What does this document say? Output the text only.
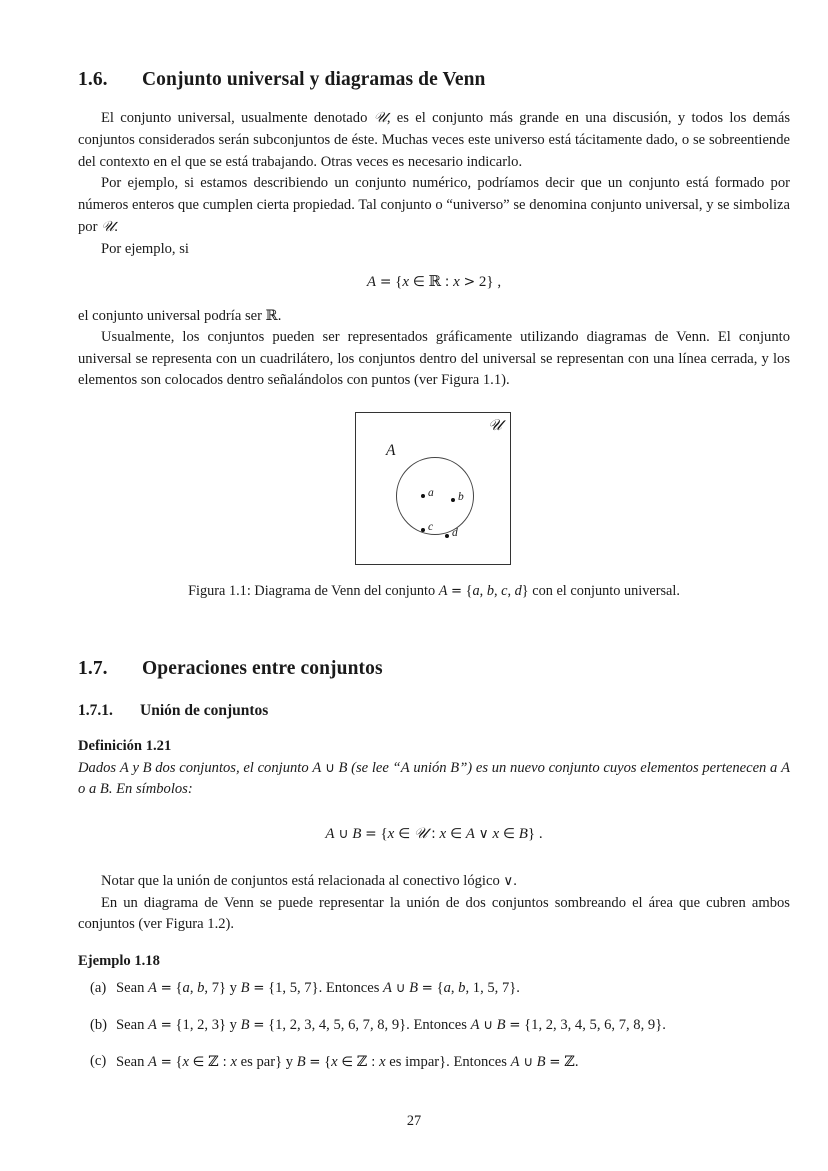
1.6. Conjunto universal y diagramas de Venn

El conjunto universal, usualmente denotado 𝒰, es el conjunto más grande en una discusión, y todos los demás conjuntos considerados serán subconjuntos de éste. Muchas veces este universo está tácitamente dado, o se sobreentiende del contexto en el que se está trabajando. Otras veces es necesario indicarlo.

Por ejemplo, si estamos describiendo un conjunto numérico, podríamos decir que un conjunto está formado por números enteros que cumplen cierta propiedad. Tal conjunto o “universo” se denomina conjunto universal, y se simboliza por 𝒰.

Por ejemplo, si

A = {x ∈ ℝ : x > 2} ,

el conjunto universal podría ser ℝ.

Usualmente, los conjuntos pueden ser representados gráficamente utilizando diagramas de Venn. El conjunto universal se representa con un cuadrilátero, los conjuntos dentro del universal se representan con una línea cerrada, y los elementos son colocados dentro señalándolos con puntos (ver Figura 1.1).

𝒰
A
a b
c d

Figura 1.1: Diagrama de Venn del conjunto A = {a, b, c, d} con el conjunto universal.

1.7. Operaciones entre conjuntos
1.7.1. Unión de conjuntos
Definición 1.21

Dados A y B dos conjuntos, el conjunto A ∪ B (se lee “A unión B”) es un nuevo conjunto cuyos elementos pertenecen a A o a B. En símbolos:

A ∪ B = {x ∈ 𝒰 : x ∈ A ∨ x ∈ B} .

Notar que la unión de conjuntos está relacionada al conectivo lógico ∨.

En un diagrama de Venn se puede representar la unión de dos conjuntos sombreando el área que cubren ambos conjuntos (ver Figura 1.2).

Ejemplo 1.18
(a) Sean A = {a, b, 7} y B = {1, 5, 7}. Entonces A ∪ B = {a, b, 1, 5, 7}.
(b) Sean A = {1, 2, 3} y B = {1, 2, 3, 4, 5, 6, 7, 8, 9}. Entonces A ∪ B = {1, 2, 3, 4, 5, 6, 7, 8, 9}.
(c) Sean A = {x ∈ ℤ : x es par} y B = {x ∈ ℤ : x es impar}. Entonces A ∪ B = ℤ.
27
